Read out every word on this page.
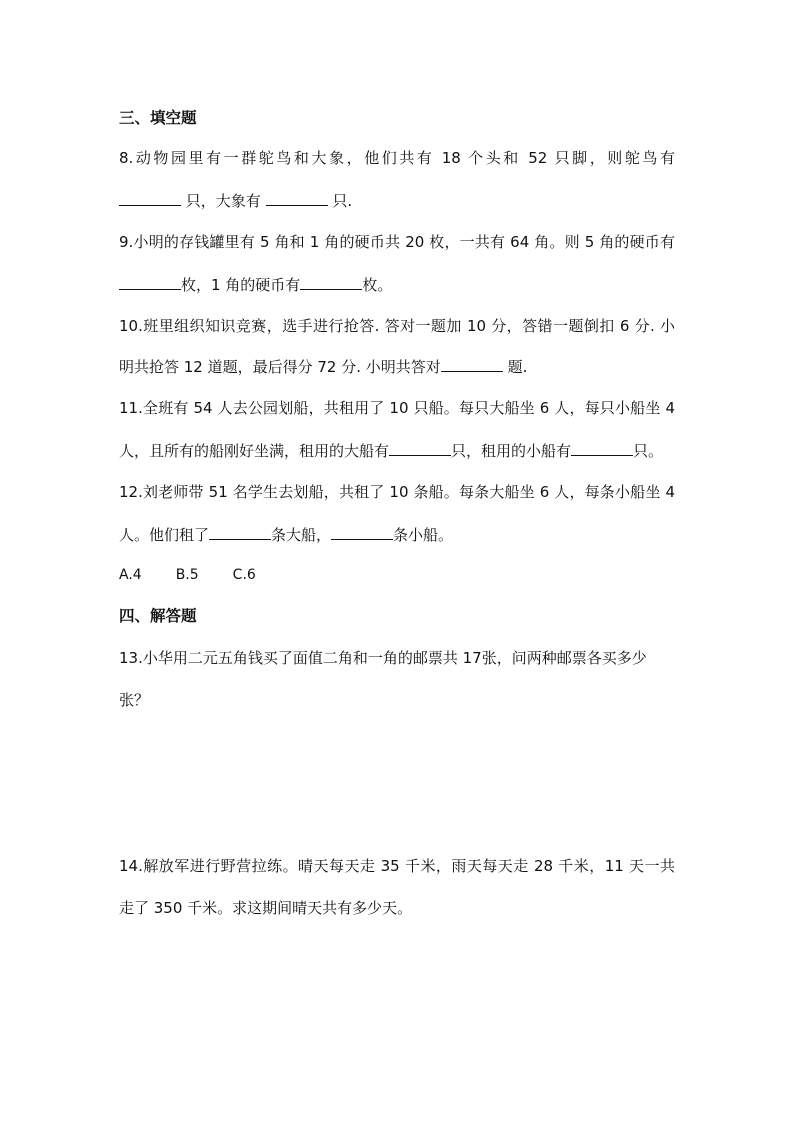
三、填空题
8.动物园里有一群鸵鸟和大象，他们共有 18 个头和 52 只脚，则鸵鸟有
只，大象有	只.
9.小明的存钱罐里有 5 角和 1 角的硬币共 20 枚，一共有 64 角。则 5 角的硬币有
枚，1 角的硬币有	枚。
10.班里组织知识竞赛，选手进行抢答. 答对一题加 10 分，答错一题倒扣 6 分. 小
明共抢答 12 道题，最后得分 72 分. 小明共答对	题.
11.全班有 54 人去公园划船，共租用了 10 只船。每只大船坐 6 人，每只小船坐 4
人，且所有的船刚好坐满，租用的大船有	只，租用的小船有	只。
12.刘老师带 51 名学生去划船，共租了 10 条船。每条大船坐 6 人，每条小船坐 4
人。他们租了	条大船，	条小船。
A.4 B.5 C.6
四、解答题
13.小华用二元五角钱买了面值二角和一角的邮票共 17张，问两种邮票各买多少
张？
14.解放军进行野营拉练。晴天每天走 35 千米，雨天每天走 28 千米，11 天一共
走了 350 千米。求这期间晴天共有多少天。
